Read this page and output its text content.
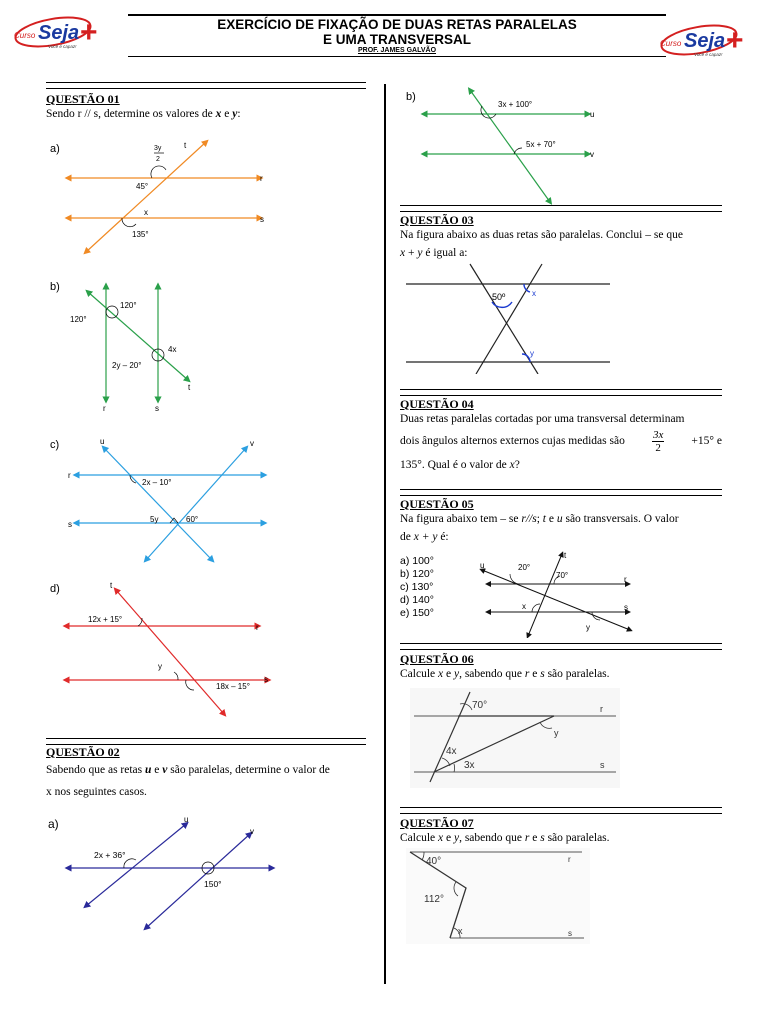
EXERCÍCIO DE FIXAÇÃO DE DUAS RETAS PARALELAS
E UMA TRANSVERSAL
PROF. JAMES GALVÃO
Curso Seja +
Você é capaz!	Curso Seja +
Você é capaz!
QUESTÃO 01
Sendo r // s, determine os valores de x e y:
a)	3y
2
t
r
s
45°
x
135°
b)
120°
120°
4x
2y – 20°
t
r	s
c)	u	v
r
s
2x – 10°
5y	60°
d)	t
r
s
12x + 15°
y
18x – 15°
QUESTÃO 02
Sabendo que as retas u e v são paralelas, determine o valor de
x nos seguintes casos.
a)	u
v
2x + 36°
150°
b)
u
v
3x + 100°
5x + 70°
QUESTÃO 03
Na figura abaixo as duas retas são paralelas. Conclui – se que
x + y é igual a:
50º	x
y
QUESTÃO 04
Duas retas paralelas cortadas por uma transversal determinam
dois ângulos alternos externos cujas medidas são $\frac{3x}{2} +15^\circ$ e
135°. Qual é o valor de x?
QUESTÃO 05
Na figura abaixo tem – se r//s; t e u são transversais. O valor
de x + y é:
a) 100°
b) 120°
c) 130°
d) 140°
e) 150°
u
t
r
s
20°
70°
x
y
QUESTÃO 06
Calcule x e y, sabendo que r e s são paralelas.
70°	r
s
y
4x
3x
QUESTÃO 07
Calcule x e y, sabendo que r e s são paralelas.
40°	r
112°
x	s
